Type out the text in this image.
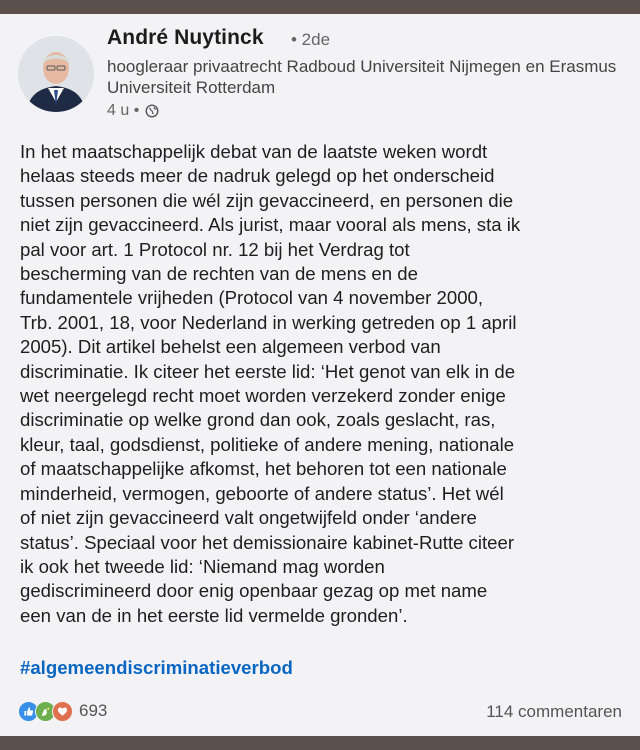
André Nuytinck • 2de
hoogleraar privaatrecht Radboud Universiteit Nijmegen en Erasmus Universiteit Rotterdam
4 u •
In het maatschappelijk debat van de laatste weken wordt
helaas steeds meer de nadruk gelegd op het onderscheid
tussen personen die wél zijn gevaccineerd, en personen die
niet zijn gevaccineerd. Als jurist, maar vooral als mens, sta ik
pal voor art. 1 Protocol nr. 12 bij het Verdrag tot
bescherming van de rechten van de mens en de
fundamentele vrijheden (Protocol van 4 november 2000,
Trb. 2001, 18, voor Nederland in werking getreden op 1 april
2005). Dit artikel behelst een algemeen verbod van
discriminatie. Ik citeer het eerste lid: ‘Het genot van elk in de
wet neergelegd recht moet worden verzekerd zonder enige
discriminatie op welke grond dan ook, zoals geslacht, ras,
kleur, taal, godsdienst, politieke of andere mening, nationale
of maatschappelijke afkomst, het behoren tot een nationale
minderheid, vermogen, geboorte of andere status’. Het wél
of niet zijn gevaccineerd valt ongetwijfeld onder ‘andere
status’. Speciaal voor het demissionaire kabinet-Rutte citeer
ik ook het tweede lid: ‘Niemand mag worden
gediscrimineerd door enig openbaar gezag op met name
een van de in het eerste lid vermelde gronden’.
#algemeendiscriminatieverbod
693	114 commentaren
